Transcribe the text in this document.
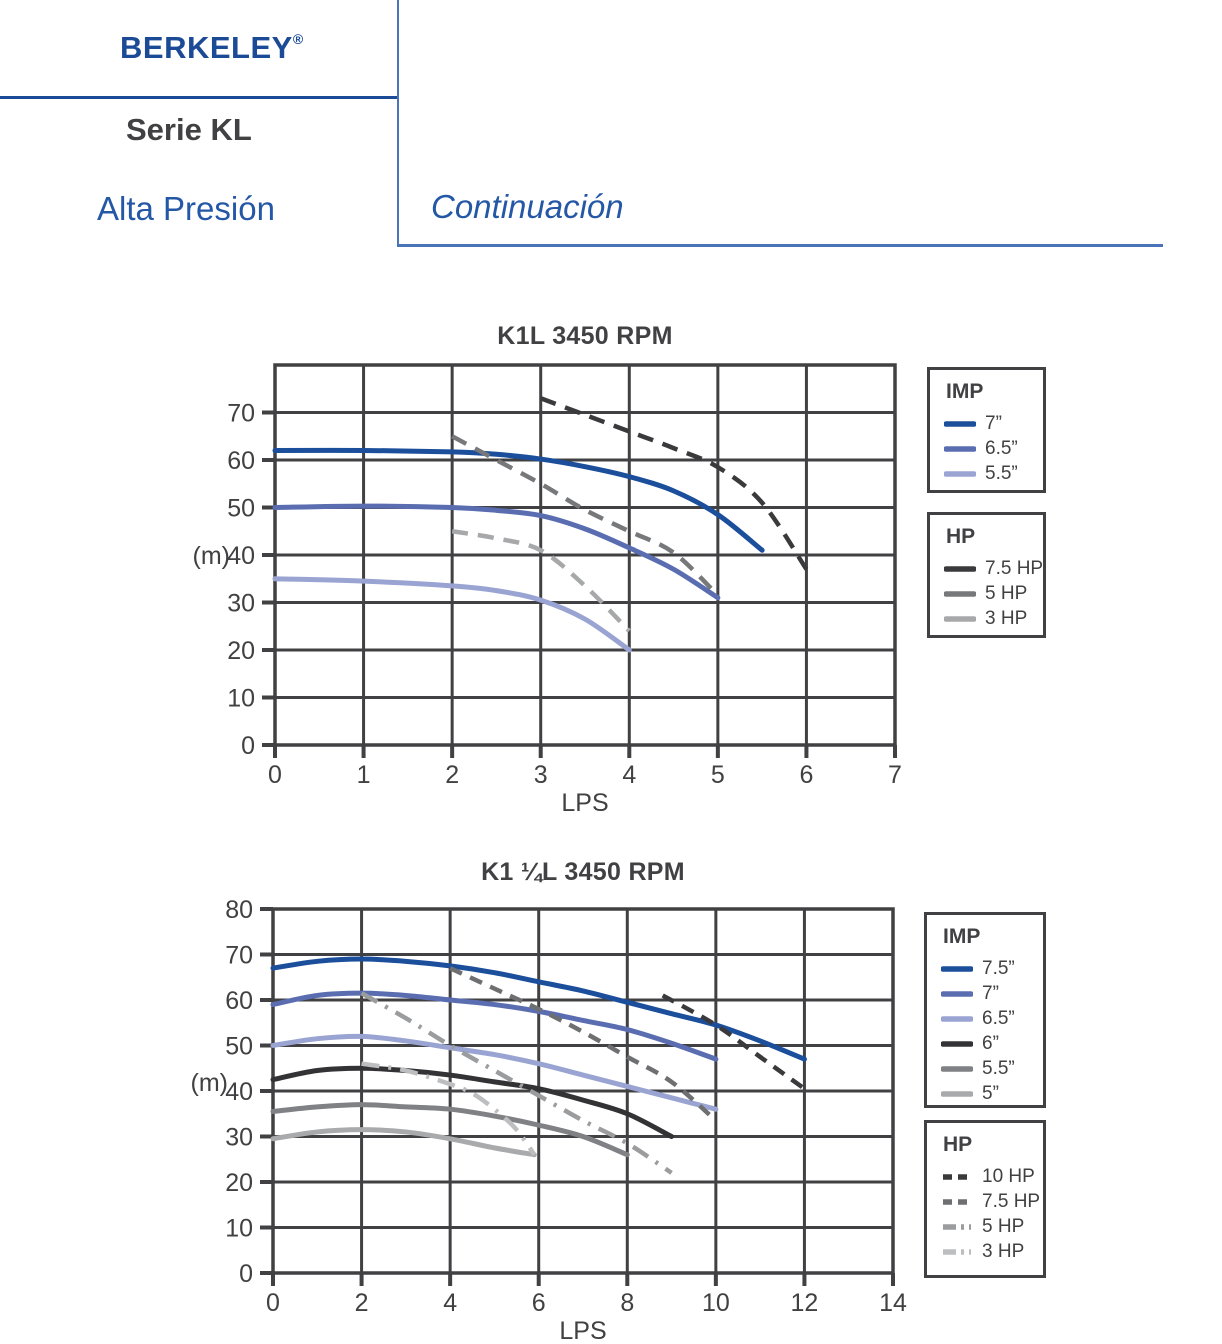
BERKELEY®
Serie KL
Alta Presión	Continuación
K1L 3450 RPM
0	1	2	3	4	5	6	7
0
10
20
30
40
50
60
70
(m)
LPS
IMP
7”
6.5”
5.5”
HP
7.5 HP
5 HP
3 HP
K1 ¼L 3450 RPM
0	2	4	6	8	10 12 14
0
10
20
30
40
50
60
70
80
(m)
LPS
IMP
7.5”
7”
6.5”
6”
5.5”
5”
HP
10 HP
7.5 HP
5 HP
3 HP
